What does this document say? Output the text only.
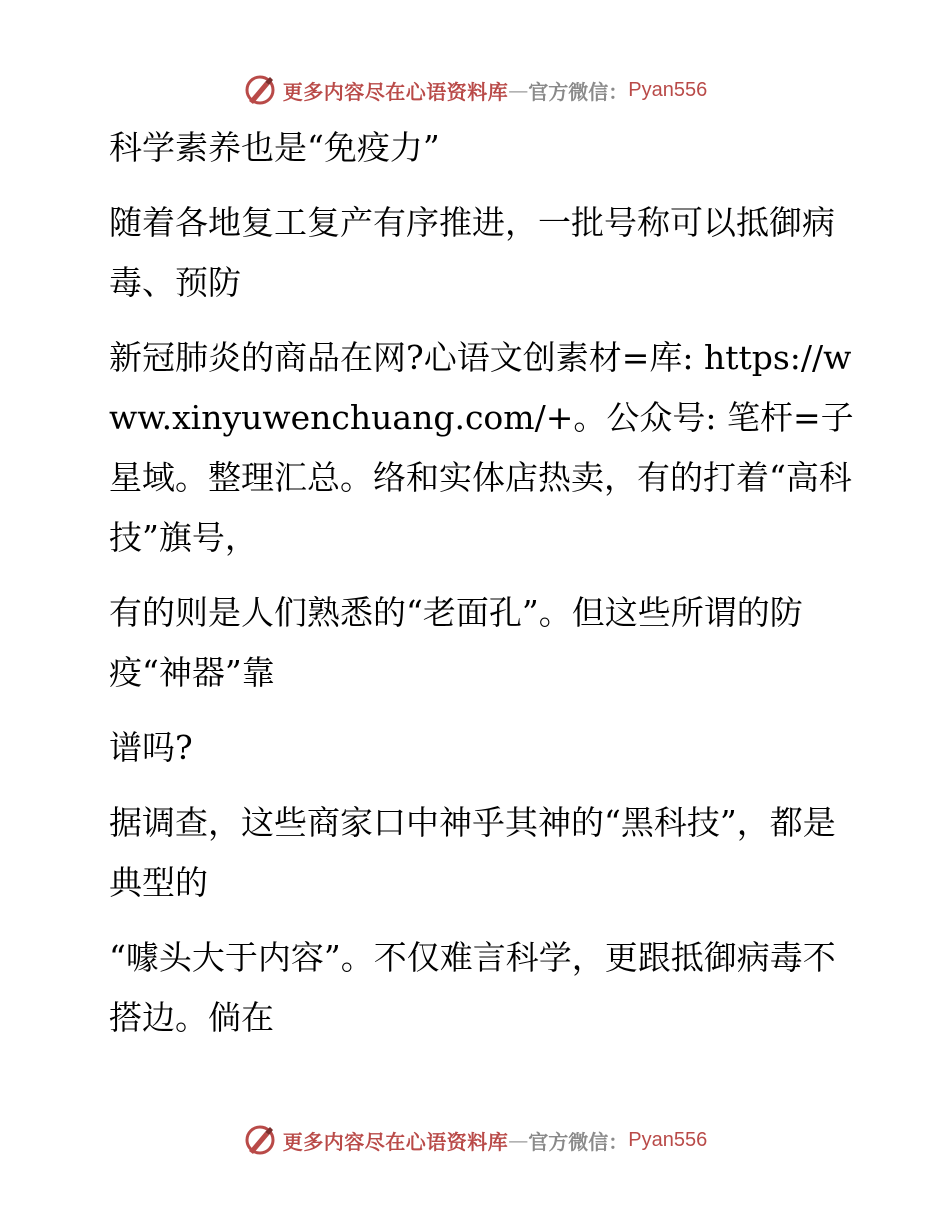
更多内容尽在心语资料库 — 官方微信： Pyan556

科学素养也是“免疫力”

随着各地复工复产有序推进，一批号称可以抵御病毒、预防

新冠肺炎的商品在网?心语文创素材=库: https://www.xinyuwenchuang.com/+。公众号: 笔杆=子星域。整理汇总。络和实体店热卖，有的打着“高科技”旗号，

有的则是人们熟悉的“老面孔”。但这些所谓的防疫“神器”靠

谱吗?

据调查，这些商家口中神乎其神的“黑科技”，都是典型的

“噱头大于内容”。不仅难言科学，更跟抵御病毒不搭边。倘在

更多内容尽在心语资料库 — 官方微信： Pyan556
